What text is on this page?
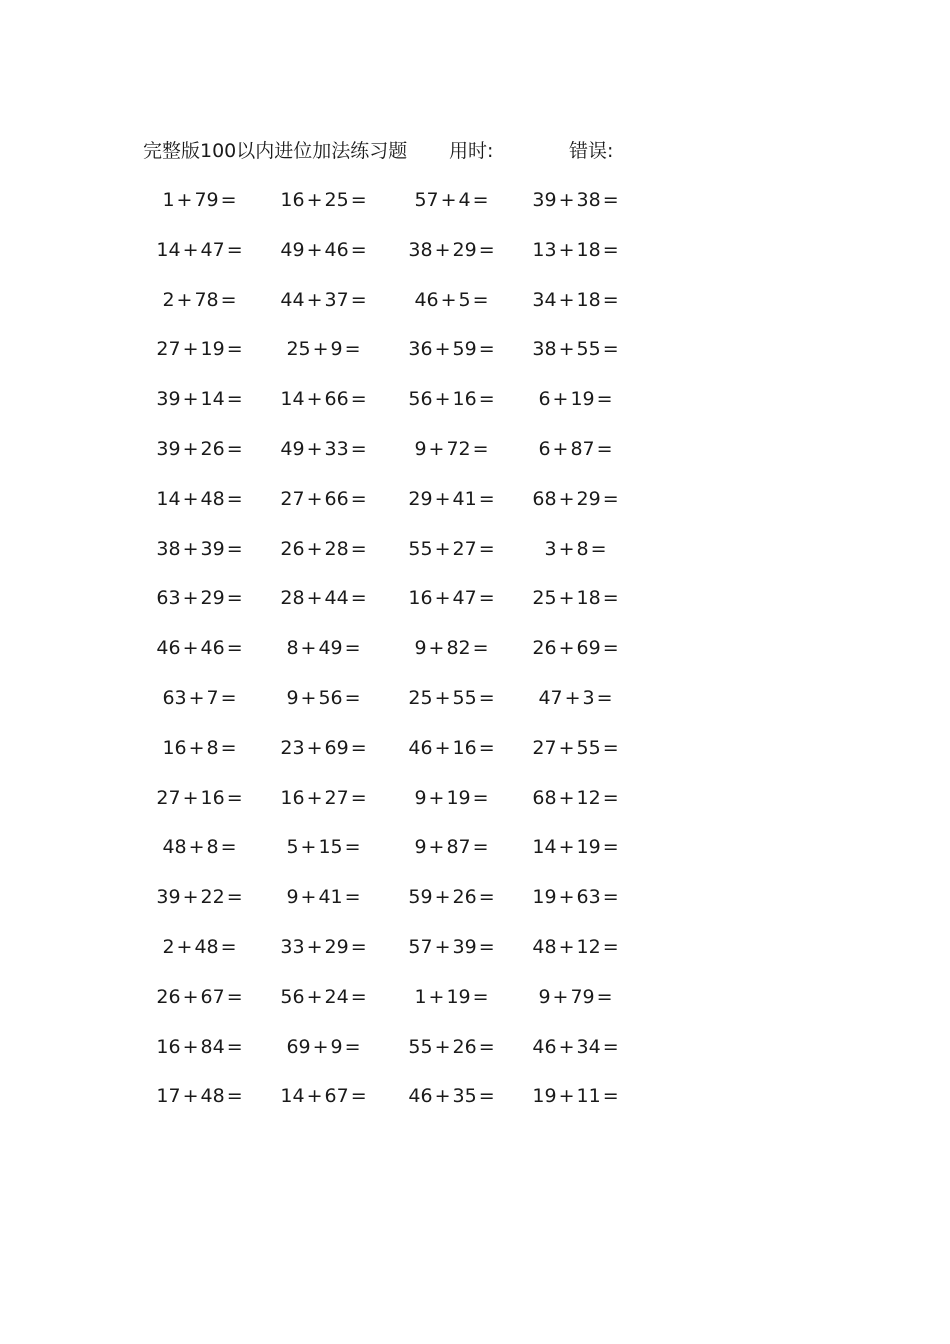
完整版100以内进位加法练习题 用时:	错误:
1 + 79 =	16 + 25 =	57 + 4 =	39 + 38 =
14 + 47 =	49 + 46 =	38 + 29 =	13 + 18 =
2 + 78 =	44 + 37 =	46 + 5 =	34 + 18 =
27 + 19 =	25 + 9 =	36 + 59 =	38 + 55 =
39 + 14 =	14 + 66 =	56 + 16 =	6 + 19 =
39 + 26 =	49 + 33 =	9 + 72 =	6 + 87 =
14 + 48 =	27 + 66 =	29 + 41 =	68 + 29 =
38 + 39 =	26 + 28 =	55 + 27 =	3 + 8 =
63 + 29 =	28 + 44 =	16 + 47 =	25 + 18 =
46 + 46 =	8 + 49 =	9 + 82 =	26 + 69 =
63 + 7 =	9 + 56 =	25 + 55 =	47 + 3 =
16 + 8 =	23 + 69 =	46 + 16 =	27 + 55 =
27 + 16 =	16 + 27 =	9 + 19 =	68 + 12 =
48 + 8 =	5 + 15 =	9 + 87 =	14 + 19 =
39 + 22 =	9 + 41 =	59 + 26 =	19 + 63 =
2 + 48 =	33 + 29 =	57 + 39 =	48 + 12 =
26 + 67 =	56 + 24 =	1 + 19 =	9 + 79 =
16 + 84 =	69 + 9 =	55 + 26 =	46 + 34 =
17 + 48 =	14 + 67 =	46 + 35 =	19 + 11 =
